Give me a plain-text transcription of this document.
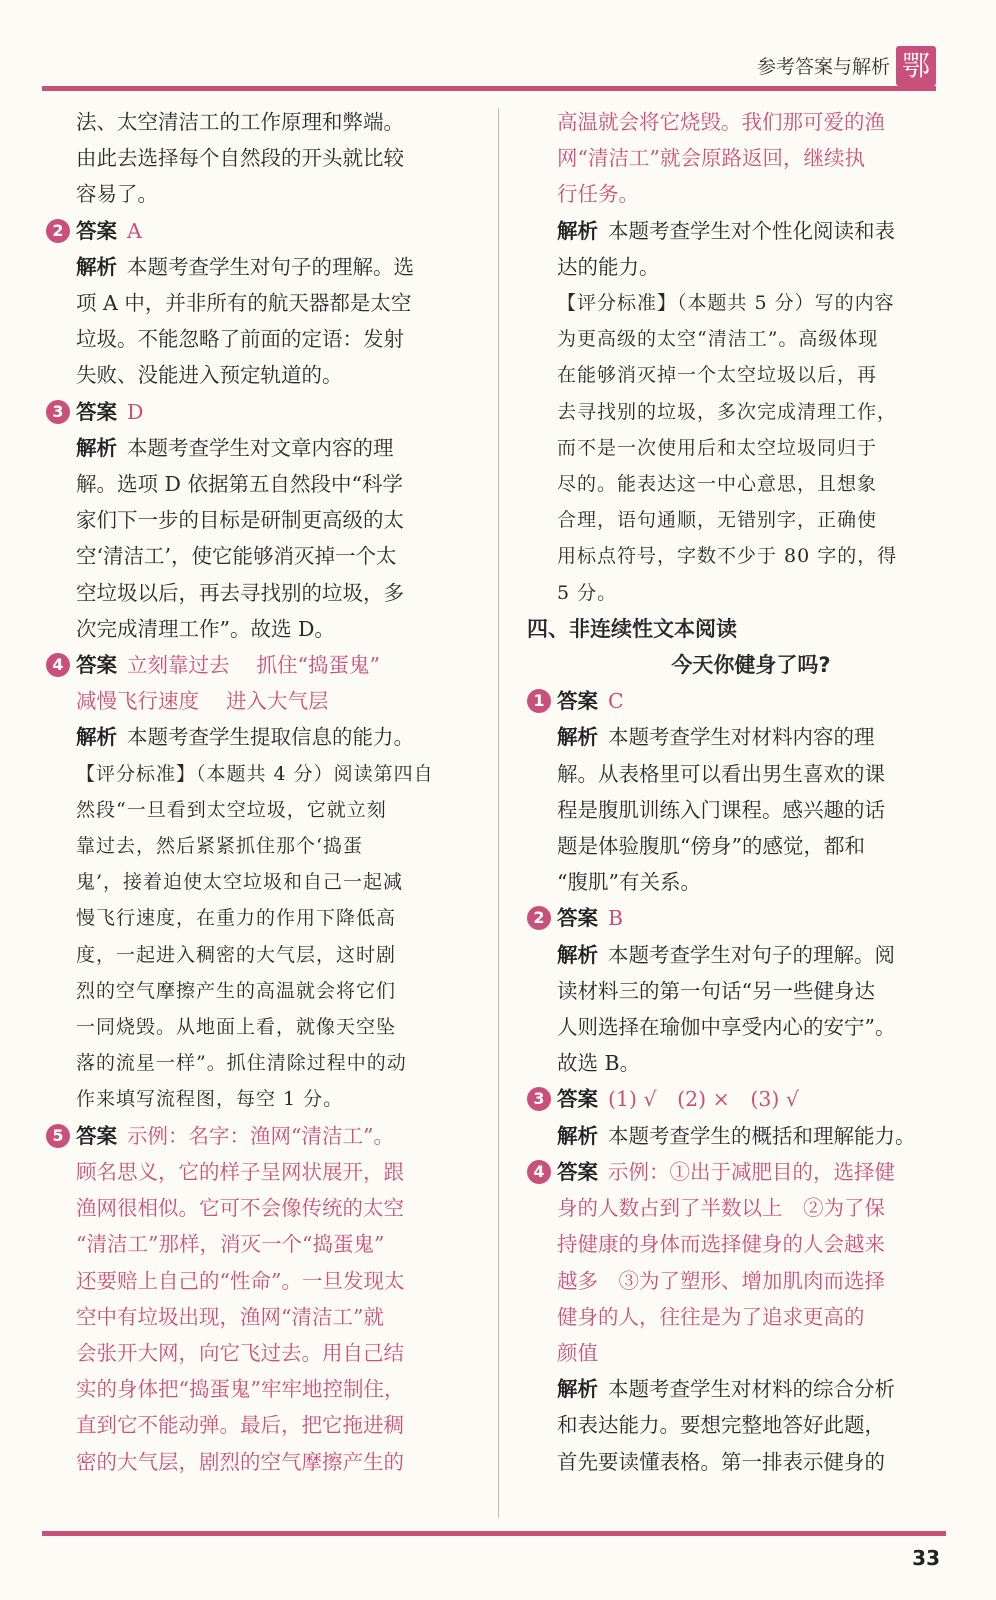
参考答案与解析 鄂

法、太空清洁工的工作原理和弊端。

由此去选择每个自然段的开头就比较

容易了。

2 答案 A

解析 本题考查学生对句子的理解。选

项 A 中，并非所有的航天器都是太空

垃圾。不能忽略了前面的定语：发射

失败、没能进入预定轨道的。

3 答案 D

解析 本题考查学生对文章内容的理

解。选项 D 依据第五自然段中“科学

家们下一步的目标是研制更高级的太

空‘清洁工’，使它能够消灭掉一个太

空垃圾以后，再去寻找别的垃圾，多

次完成清理工作”。故选 D。

4 答案 立刻靠过去　 抓住“捣蛋鬼”

减慢飞行速度　 进入大气层

解析 本题考查学生提取信息的能力。

【评分标准】（本题共 4 分）阅读第四自

然段“一旦看到太空垃圾，它就立刻

靠过去，然后紧紧抓住那个‘捣蛋

鬼’，接着迫使太空垃圾和自己一起减

慢飞行速度，在重力的作用下降低高

度，一起进入稠密的大气层，这时剧

烈的空气摩擦产生的高温就会将它们

一同烧毁。从地面上看，就像天空坠

落的流星一样”。抓住清除过程中的动

作来填写流程图，每空 1 分。

5 答案 示例：名字：渔网“清洁工”。

顾名思义，它的样子呈网状展开，跟

渔网很相似。它可不会像传统的太空

“清洁工”那样，消灭一个“捣蛋鬼”

还要赔上自己的“性命”。一旦发现太

空中有垃圾出现，渔网“清洁工”就

会张开大网，向它飞过去。用自己结

实的身体把“捣蛋鬼”牢牢地控制住，

直到它不能动弹。最后，把它拖进稠

密的大气层，剧烈的空气摩擦产生的

高温就会将它烧毁。我们那可爱的渔

网“清洁工”就会原路返回，继续执

行任务。

解析 本题考查学生对个性化阅读和表

达的能力。

【评分标准】（本题共 5 分）写的内容

为更高级的太空“清洁工”。高级体现

在能够消灭掉一个太空垃圾以后，再

去寻找别的垃圾，多次完成清理工作，

而不是一次使用后和太空垃圾同归于

尽的。能表达这一中心意思，且想象

合理，语句通顺，无错别字，正确使

用标点符号，字数不少于 80 字的，得

5 分。

四、非连续性文本阅读

今天你健身了吗?

1 答案 C

解析 本题考查学生对材料内容的理

解。从表格里可以看出男生喜欢的课

程是腹肌训练入门课程。感兴趣的话

题是体验腹肌“傍身”的感觉，都和

“腹肌”有关系。

2 答案 B

解析 本题考查学生对句子的理解。阅

读材料三的第一句话“另一些健身达

人则选择在瑜伽中享受内心的安宁”。

故选 B。

3 答案 (1) √　(2) ×　(3) √

解析 本题考查学生的概括和理解能力。

4 答案 示例：①出于减肥目的，选择健

身的人数占到了半数以上　②为了保

持健康的身体而选择健身的人会越来

越多　③为了塑形、增加肌肉而选择

健身的人，往往是为了追求更高的

颜值

解析 本题考查学生对材料的综合分析

和表达能力。要想完整地答好此题，

首先要读懂表格。第一排表示健身的

33
